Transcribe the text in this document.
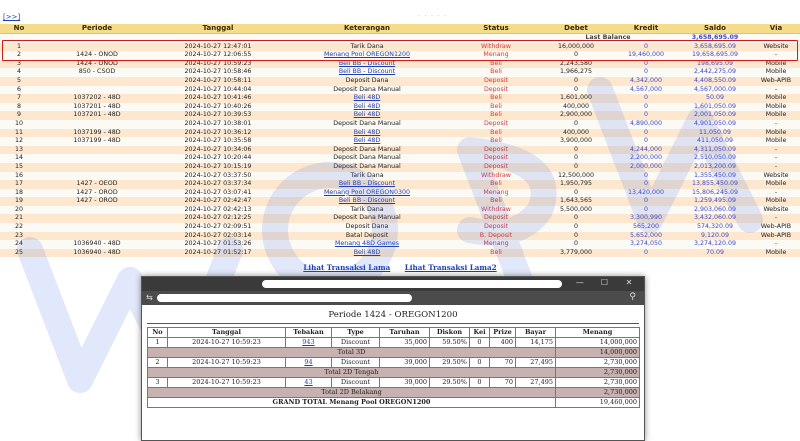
[>>]	· · · · ·
No	Periode	Tanggal	Keterangan	Status	Debet	Kredit	Saldo	Via
					Last Balance		3,658,695.09	
1		2024-10-27 12:47:01	Tarik Dana	Withdraw	16,000,000	0	3,658,695.09	Website
2	1424 - ONOD	2024-10-27 12:06:55	Menang Pool OREGON1200	Menang	0	19,460,000	19,658,695.09	-
3	1424 - ONOD	2024-10-27 10:59:23	Beli BB - Discount	Beli	2,243,580	0	198,695.09	Mobile
4	850 - CSOD	2024-10-27 10:58:46	Beli BB - Discount	Beli	1,966,275	0	2,442,275.09	Mobile
5		2024-10-27 10:58:11	Deposit Dana	Deposit	0	4,342,000	4,408,550.09	Web-APIB
6		2024-10-27 10:44:04	Deposit Dana Manual	Deposit	0	4,567,000	4,567,000.09	-
7	1037202 - 48D	2024-10-27 10:41:46	Beli 48D	Beli	1,601,000	0	50.09	Mobile
8	1037201 - 48D	2024-10-27 10:40:26	Beli 48D	Beli	400,000	0	1,601,050.09	Mobile
9	1037201 - 48D	2024-10-27 10:39:53	Beli 48D	Beli	2,900,000	0	2,001,050.09	Mobile
10		2024-10-27 10:38:01	Deposit Dana Manual	Deposit	0	4,890,000	4,901,050.09	-
11	1037199 - 48D	2024-10-27 10:36:12	Beli 48D	Beli	400,000	0	11,050.09	Mobile
12	1037199 - 48D	2024-10-27 10:35:58	Beli 48D	Beli	3,900,000	0	411,050.09	Mobile
13		2024-10-27 10:34:06	Deposit Dana Manual	Deposit	0	4,244,000	4,311,050.09	-
14		2024-10-27 10:20:44	Deposit Dana Manual	Deposit	0	2,200,000	2,510,050.09	-
15		2024-10-27 10:15:19	Deposit Dana Manual	Deposit	0	2,000,000	2,013,200.09	-
16		2024-10-27 03:37:50	Tarik Dana	Withdraw	12,500,000	0	1,355,450.09	Website
17	1427 - OEOD	2024-10-27 03:37:34	Beli BB - Discount	Beli	1,950,795	0	13,855,450.09	Mobile
18	1427 - OROD	2024-10-27 03:07:41	Menang Pool OREGON0300	Menang	0	13,420,000	15,806,245.09	-
19	1427 - OROD	2024-10-27 02:42:47	Beli BB - Discount	Beli	1,643,565	0	1,259,495.09	Mobile
20		2024-10-27 02:42:13	Tarik Dana	Withdraw	5,500,000	0	2,903,060.09	Website
21		2024-10-27 02:12:25	Deposit Dana Manual	Deposit	0	3,300,990	3,432,060.09	-
22		2024-10-27 02:09:51	Deposit Dana	Deposit	0	565,200	574,320.09	Web-APIB
23		2024-10-27 02:03:14	Batal Deposit	B. Deposit	0	5,652,000	9,120.09	Web-APIB
24	1036940 - 48D	2024-10-27 01:53:26	Menang 48D Games	Menang	0	3,274,050	3,274,120.09	-
25	1036940 - 48D	2024-10-27 01:52:17	Beli 48D	Beli	3,779,000	0	70.09	Mobile
Lihat Transaksi Lama Lihat Transaksi Lama2
— ☐ ✕
⇆	⚲
Periode 1424 - OREGON1200
No	Tanggal	Tebakan	Type	Taruhan	Diskon	Kei	Prize	Bayar	Menang
1	2024-10-27 10:59:23	943	Discount	35,000	59.50%	0	400	14,175	14,000,000
Total 3D									14,000,000
2	2024-10-27 10:59:23	94	Discount	39,000	29.50%	0	70	27,495	2,730,000
Total 2D Tengah									2,730,000
3	2024-10-27 10:59:23	43	Discount	39,000	29.50%	0	70	27,495	2,730,000
Total 2D Belakang									2,730,000
GRAND TOTAL Menang Pool OREGON1200									19,460,000
